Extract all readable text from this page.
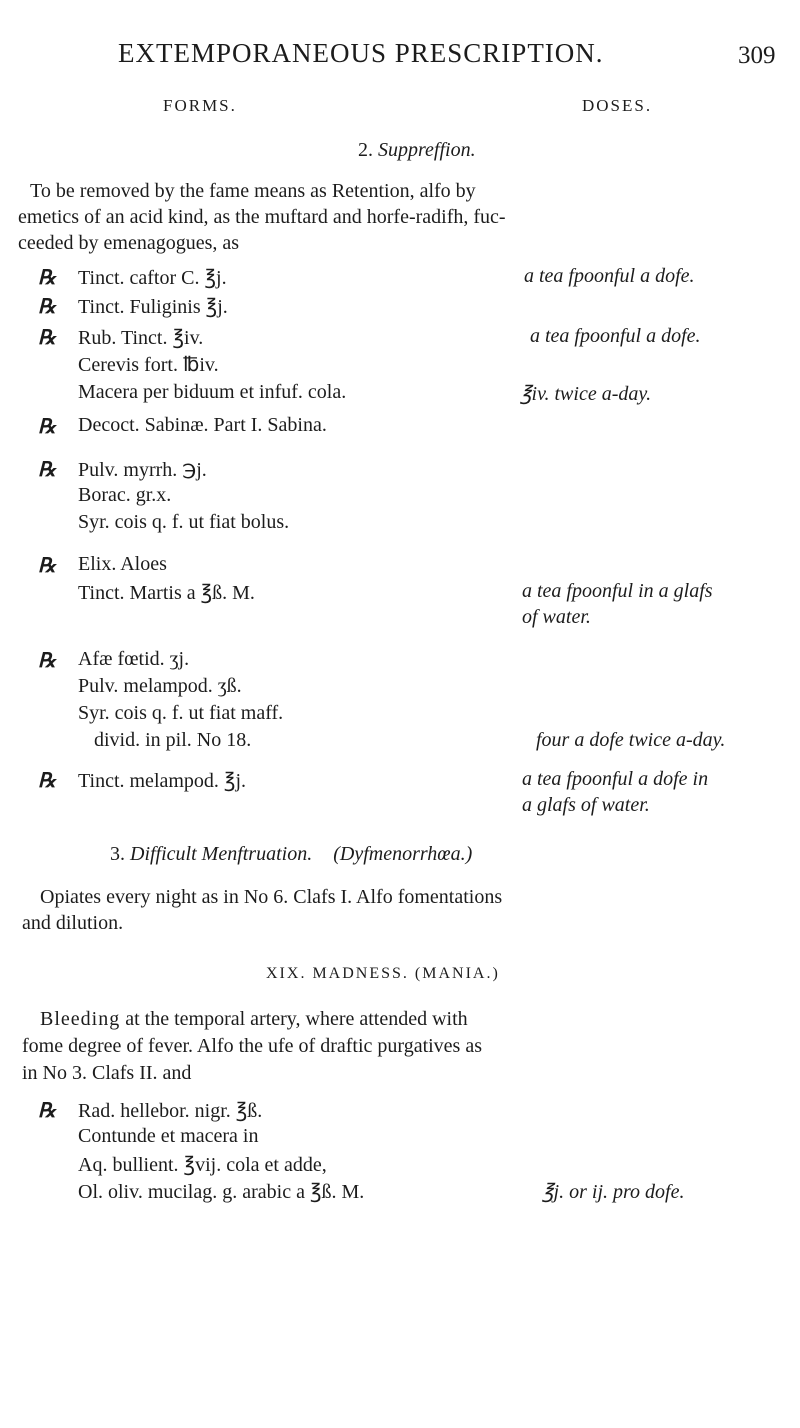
EXTEMPORANEOUS PRESCRIPTION.	309
FORMS.	DOSES.
2. Suppreffion.
To be removed by the fame means as Retention, alfo by
emetics of an acid kind, as the muftard and horfe-radifh, fuc-
ceeded by emenagogues, as
℞ Tinct. caftor C. ℥j.	a tea fpoonful a dofe.
℞ Tinct. Fuliginis ℥j.
℞ Rub. Tinct. ℥iv.	a tea fpoonful a dofe.
Cerevis fort. ℔iv.
Macera per biduum et infuf. cola.	℥iv. twice a-day.
℞ Decoct. Sabinæ. Part I. Sabina.
℞ Pulv. myrrh. ℈j.
Borac. gr.x.
Syr. cois q. f. ut fiat bolus.
℞ Elix. Aloes
Tinct. Martis a ℥ß. M.	a tea fpoonful in a glafs
of water.
℞ Afæ fœtid. ʒj.
Pulv. melampod. ʒß.
Syr. cois q. f. ut fiat maff.
divid. in pil. No 18.	four a dofe twice a-day.
℞ Tinct. melampod. ℥j.	a tea fpoonful a dofe in
a glafs of water.
3. Difficult Menftruation. (Dyfmenorrhœa.)
Opiates every night as in No 6. Clafs I. Alfo fomentations
and dilution.
XIX. MADNESS. (MANIA.)
Bleeding at the temporal artery, where attended with
fome degree of fever. Alfo the ufe of draftic purgatives as
in No 3. Clafs II. and
℞ Rad. hellebor. nigr. ℥ß.
Contunde et macera in
Aq. bullient. ℥vij. cola et adde,
Ol. oliv. mucilag. g. arabic a ℥ß. M.	℥j. or ij. pro dofe.
